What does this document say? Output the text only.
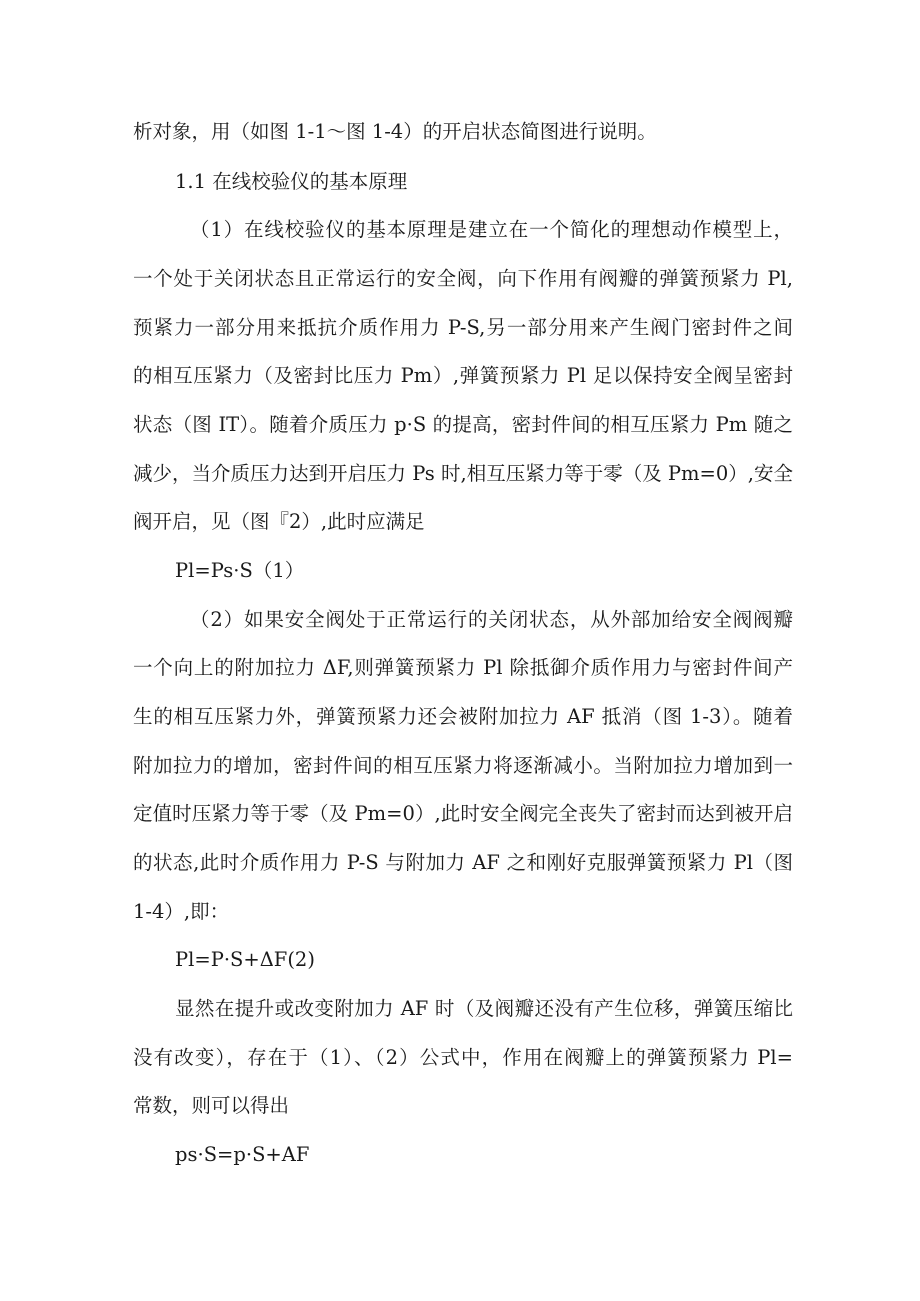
析对象，用（如图 1-1～图 1-4）的开启状态简图进行说明。
1.1 在线校验仪的基本原理
（1）在线校验仪的基本原理是建立在一个简化的理想动作模型上，
一个处于关闭状态且正常运行的安全阀，向下作用有阀瓣的弹簧预紧力 Pl,
预紧力一部分用来抵抗介质作用力 P-S,另一部分用来产生阀门密封件之间
的相互压紧力（及密封比压力 Pm）,弹簧预紧力 Pl 足以保持安全阀呈密封
状态（图 IT）。随着介质压力 p·S 的提高，密封件间的相互压紧力 Pm 随之
减少，当介质压力达到开启压力 Ps 时,相互压紧力等于零（及 Pm=0）,安全
阀开启，见（图『2）,此时应满足
Pl=Ps·S（1）
（2）如果安全阀处于正常运行的关闭状态，从外部加给安全阀阀瓣
一个向上的附加拉力 ΔF,则弹簧预紧力 Pl 除抵御介质作用力与密封件间产
生的相互压紧力外，弹簧预紧力还会被附加拉力 AF 抵消（图 1-3）。随着
附加拉力的增加，密封件间的相互压紧力将逐渐减小。当附加拉力增加到一
定值时压紧力等于零（及 Pm=0）,此时安全阀完全丧失了密封而达到被开启
的状态,此时介质作用力 P-S 与附加力 AF 之和刚好克服弹簧预紧力 Pl（图
1-4）,即：
Pl=P·S+ΔF(2)
显然在提升或改变附加力 AF 时（及阀瓣还没有产生位移，弹簧压缩比
没有改变），存在于（1）、（2）公式中，作用在阀瓣上的弹簧预紧力 Pl=
常数，则可以得出
ps·S=p·S+AF
